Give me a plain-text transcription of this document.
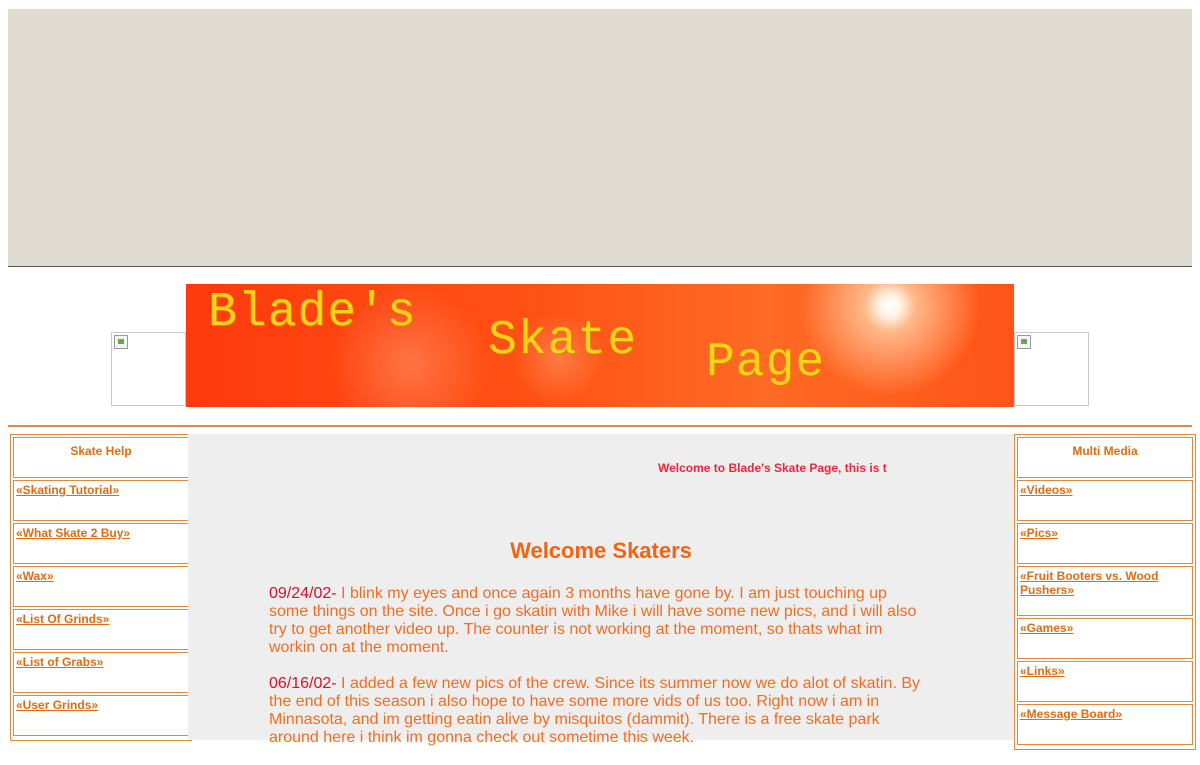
Blade's
Skate Page
Skate Help
«Skating Tutorial»
«What Skate 2 Buy»
«Wax»
«List Of Grinds»
«List of Grabs»
«User Grinds»
Welcome to Blade's Skate Page, this is t
Welcome Skaters

09/24/02- I blink my eyes and once again 3 months have gone by. I am just touching up some things on the site. Once i go skatin with Mike i will have some new pics, and i will also try to get another video up. The counter is not working at the moment, so thats what im workin on at the moment.

06/16/02- I added a few new pics of the crew. Since its summer now we do alot of skatin. By the end of this season i also hope to have some more vids of us too. Right now i am in Minnasota, and im getting eatin alive by misquitos (dammit). There is a free skate park around here i think im gonna check out sometime this week.

Multi Media
«Videos»
«Pics»
«Fruit Booters vs. Wood Pushers»
«Games»
«Links»
«Message Board»
